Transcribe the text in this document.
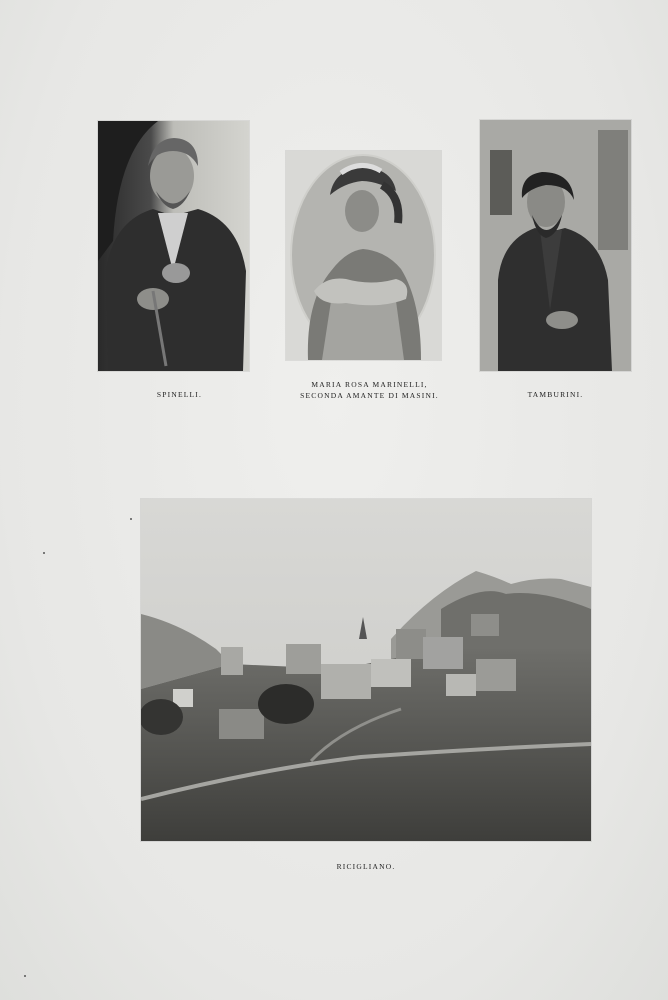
SPINELLI.
MARIA ROSA MARINELLI,
SECONDA AMANTE DI MASINI.	TAMBURINI.
RICIGLIANO.
